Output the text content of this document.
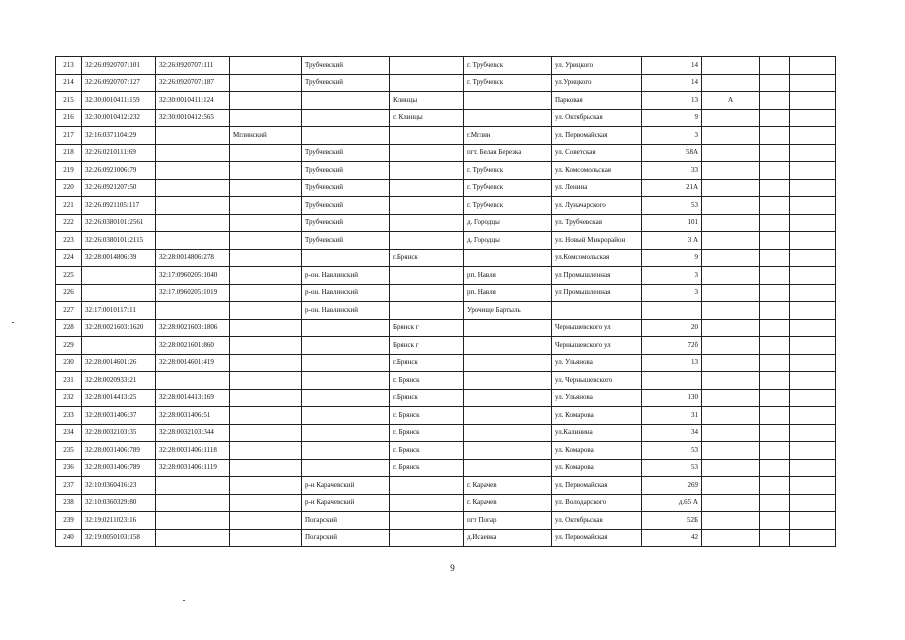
213	32:26:0920707:101	32:26:0920707:111		Трубчевский		г. Трубчевск	ул. Урицкого	14			
214	32:26:0920707:127	32:26:0920707:187		Трубчевский		г. Трубчевск	ул.Урицкого	14			
215	32:30:0010411:159	32:30:0010411:124			Клинцы		Парковая	13	А		
216	32:30:0010412:232	32:30:0010412:565			г. Клинцы		ул. Октябрьская	9			
217	32:16:0371104:29		Мглинский			г.Мглин	ул. Первомайская	3			
218	32:26:0210111:69			Трубчевский		пгт. Белая Березка	ул. Советская	58А			
219	32:26:0921006:79			Трубчевский		г. Трубчевск	ул. Комсомольская	33			
220	32:26:0921207:50			Трубчевский		г. Трубчевск	ул. Ленина	21А			
221	32:26.0921105:117			Трубчевский		г. Трубчевск	ул. Луначарского	53			
222	32:26:0380101:2561			Трубчевский		д. Городцы	ул. Трубчевская	101			
223	32:26:0380101:2115			Трубчевский		д. Городцы	ул. Новый Микрорайон	3 А			
224	32:28:0014806:39	32:28:0014806:278			г.Брянск		ул.Комсомольская	9			
225		32:17:0960205:1040		р-он. Навлинский		рп. Навля	ул Промышленная	3			
226		32:17.0960205:1019		р-он. Навлинский		рп. Навля	ул Промышленная	3			
227	32:17:0010117:11			р-он. Навлинский		Урочище Бартыль					
228	32:28:0021603:1620	32:28:0021603:1806			Брянск г		Чернышевского ул	20			
229		32:28:0021601:860			Брянск г		Чернышевского ул	72б			
230	32:28:0014601:26	32:28:0014601:419			г.Брянск		ул. Ульянова	13			
231	32:28:0020933:21				г. Брянск		ул. Чернышевского				
232	32:28:0014413:25	32:28:0014413:169			г.Брянск		ул. Ульянова	130			
233	32:28:0031406:37	32:28:0031406:51			г. Брянск		ул. Комарова	31			
234	32:28:0032103:35	32:28:0032103:344			г. Брянск		ул.Калинина	34			
235	32:28:0031406:789	32:28:0031406:1118			г. Брянск		ул. Комарова	53			
236	32:28:0031406:789	32:28:0031406:1119			г. Брянск		ул. Комарова	53			
237	32:10:0360416:23			р-н Карачевский		г. Карачев	ул. Первомайская	269			
238	32:10:0360329:80			р-н Карачевский		г. Карачев	ул. Володарского	д.65 А			
239	32:19:0211023:16			Погарский		пгт Погар	ул. Октябрьская	52Б			
240	32:19:0050103:158			Погарский		д.Исаевка	ул. Первомайская	42			
9
